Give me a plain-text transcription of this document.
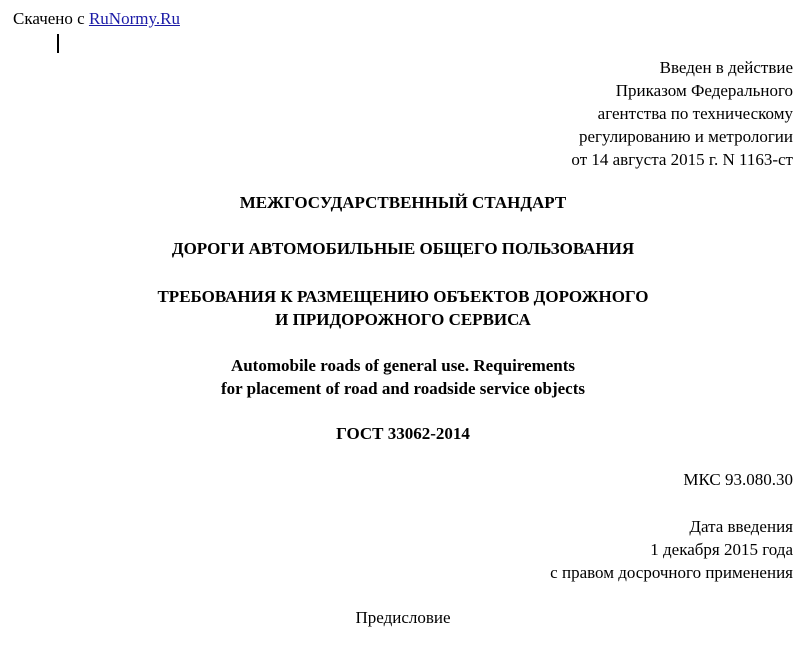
Скачено с RuNormy.Ru
Введен в действие
Приказом Федерального
агентства по техническому
регулированию и метрологии
от 14 августа 2015 г. N 1163-ст
МЕЖГОСУДАРСТВЕННЫЙ СТАНДАРТ
ДОРОГИ АВТОМОБИЛЬНЫЕ ОБЩЕГО ПОЛЬЗОВАНИЯ
ТРЕБОВАНИЯ К РАЗМЕЩЕНИЮ ОБЪЕКТОВ ДОРОЖНОГО
И ПРИДОРОЖНОГО СЕРВИСА
Automobile roads of general use. Requirements
for placement of road and roadside service objects
ГОСТ 33062-2014
МКС 93.080.30
Дата введения
1 декабря 2015 года
с правом досрочного применения
Предисловие
